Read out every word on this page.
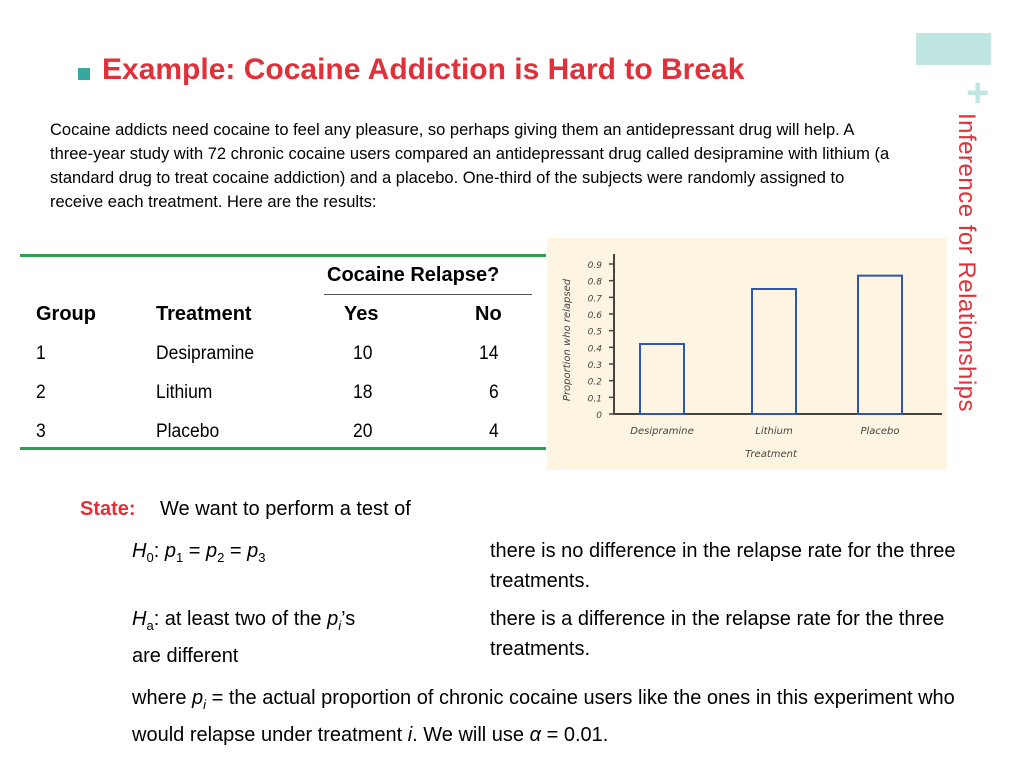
+
Inference for Relationships
Example: Cocaine Addiction is Hard to Break
Cocaine addicts need cocaine to feel any pleasure, so perhaps giving them an antidepressant drug will help. A three-year study with 72 chronic cocaine users compared an antidepressant drug called desipramine with lithium (a standard drug to treat cocaine addiction) and a placebo. One-third of the subjects were randomly assigned to receive each treatment. Here are the results:
Cocaine Relapse?
Group	Treatment	Yes	No
1	Desipramine	10	14
2	Lithium	18	6
3	Placebo	20	4
0
0.1
0.2
0.3
0.4
0.5
0.6
0.7
0.8
0.9
Desipramine	Lithium	Placebo
Treatment
Proportion who relapsed
State: We want to perform a test of
$H_0$: $p_1 = p_2 = p_3$	there is no difference in the relapse rate for the three treatments.
$H_a$: at least two of the $p_i’s$
are different
there is a difference in the relapse rate for the three treatments.
where $p_i$ = the actual proportion of chronic cocaine users like the ones in this experiment who would relapse under treatment i. We will use α = 0.01.
